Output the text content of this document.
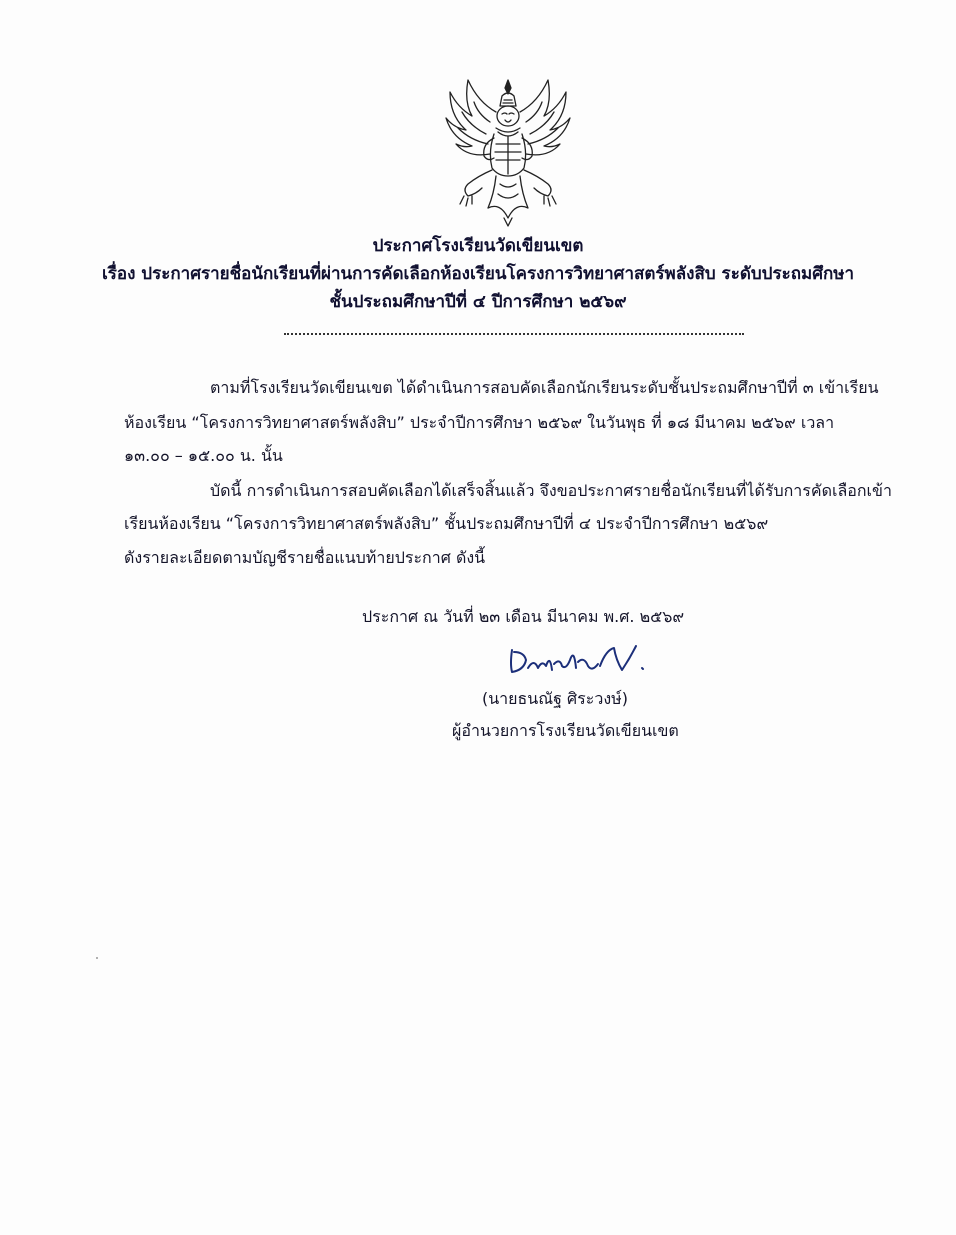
ประกาศโรงเรียนวัดเขียนเขต
เรื่อง ประกาศรายชื่อนักเรียนที่ผ่านการคัดเลือกห้องเรียนโครงการวิทยาศาสตร์พลังสิบ ระดับประถมศึกษา
ชั้นประถมศึกษาปีที่ ๔ ปีการศึกษา ๒๕๖๙
ตามที่โรงเรียนวัดเขียนเขต ได้ดำเนินการสอบคัดเลือกนักเรียนระดับชั้นประถมศึกษาปีที่ ๓ เข้าเรียน
ห้องเรียน “โครงการวิทยาศาสตร์พลังสิบ” ประจำปีการศึกษา ๒๕๖๙ ในวันพุธ ที่ ๑๘ มีนาคม ๒๕๖๙ เวลา
๑๓.๐๐ – ๑๕.๐๐ น. นั้น
บัดนี้ การดำเนินการสอบคัดเลือกได้เสร็จสิ้นแล้ว จึงขอประกาศรายชื่อนักเรียนที่ได้รับการคัดเลือกเข้า
เรียนห้องเรียน “โครงการวิทยาศาสตร์พลังสิบ” ชั้นประถมศึกษาปีที่ ๔ ประจำปีการศึกษา ๒๕๖๙
ดังรายละเอียดตามบัญชีรายชื่อแนบท้ายประกาศ ดังนี้
ประกาศ ณ วันที่ ๒๓ เดือน มีนาคม พ.ศ. ๒๕๖๙
(นายธนณัฐ ศิระวงษ์)
ผู้อำนวยการโรงเรียนวัดเขียนเขต
